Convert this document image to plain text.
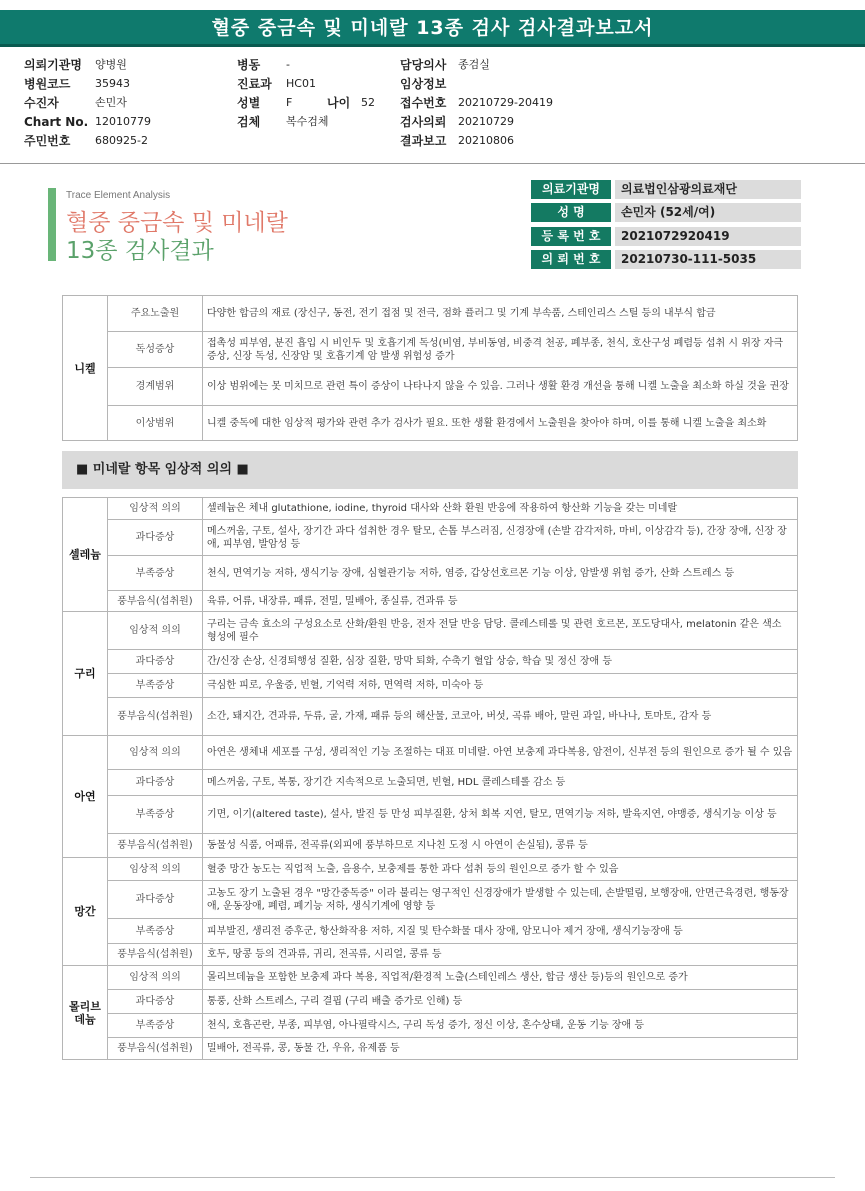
혈중 중금속 및 미네랄 13종 검사 검사결과보고서
의뢰기관명 양병원
병원코드 35943
수진자	손민자
Chart No. 12010779
주민번호 680925-2
병동 -
진료과 HC01
성별 F	나이 52
검체 복수검체
담당의사 종검실
임상정보
접수번호 20210729-20419
검사의뢰 20210729
결과보고 20210806
Trace Element Analysis
혈중 중금속 및 미네랄
13종 검사결과
의료기관명	의료법인삼광의료재단
성 명	손민자 (52세/여)
등 록 번 호	2021072920419
의 뢰 번 호	20210730-111-5035
니켈	주요노출원	다양한 합금의 재료 (장신구, 동전, 전기 접점 및 전극, 점화 플러그 및 기계 부속품, 스테인리스 스틸 등의 내부식 합금
	독성증상	접촉성 피부염, 분진 흡입 시 비인두 및 호흡기계 독성(비염, 부비동염, 비중격 천공, 폐부종, 천식, 호산구성 폐렴등 섭취 시 위장 자극 증상, 신장 독성, 신장암 및 호흡기계 암 발생 위험성 증가
	경계범위	이상 범위에는 못 미치므로 관련 특이 증상이 나타나지 않을 수 있음. 그러나 생활 환경 개선을 통해 니켈 노출을 최소화 하실 것을 권장
	이상범위	니켈 중독에 대한 임상적 평가와 관련 추가 검사가 필요. 또한 생활 환경에서 노출원을 찾아야 하며, 이를 통해 니켈 노출을 최소화
■ 미네랄 항목 임상적 의의 ■
셀레늄	임상적 의의	셀레늄은 체내 glutathione, iodine, thyroid 대사와 산화 환원 반응에 작용하여 항산화 기능을 갖는 미네랄
	과다증상	메스꺼움, 구토, 설사, 장기간 과다 섭취한 경우 탈모, 손톱 부스러짐, 신경장애 (손발 감각저하, 마비, 이상감각 등), 간장 장애, 신장 장애, 피부염, 발암성 등
	부족증상	천식, 면역기능 저하, 생식기능 장애, 심혈관기능 저하, 염증, 갑상선호르몬 기능 이상, 암발생 위험 증가, 산화 스트레스 등
	풍부음식(섭취원)	육류, 어류, 내장류, 패류, 전밀, 밀배아, 종실류, 견과류 등
구리	임상적 의의	구리는 금속 효소의 구성요소로 산화/환원 반응, 전자 전달 반응 담당. 콜레스테롤 및 관련 호르몬, 포도당대사, melatonin 같은 색소 형성에 필수
	과다증상	간/신장 손상, 신경퇴행성 질환, 심장 질환, 망막 퇴화, 수축기 혈압 상승, 학습 및 정신 장애 등
	부족증상	극심한 피로, 우울증, 빈혈, 기억력 저하, 면역력 저하, 미숙아 등
	풍부음식(섭취원)	소간, 돼지간, 견과류, 두류, 굴, 가재, 패류 등의 해산물, 코코아, 버섯, 곡류 배아, 말린 과일, 바나나, 토마토, 감자 등
아연	임상적 의의	아연은 생체내 세포를 구성, 생리적인 기능 조절하는 대표 미네랄. 아연 보충제 과다복용, 암전이, 신부전 등의 원인으로 증가 될 수 있음
	과다증상	메스꺼움, 구토, 복통, 장기간 지속적으로 노출되면, 빈혈, HDL 콜레스테롤 감소 등
	부족증상	기면, 이기(altered taste), 설사, 발진 등 만성 피부질환, 상처 회복 지연, 탈모, 면역기능 저하, 발육지연, 야맹증, 생식기능 이상 등
	풍부음식(섭취원)	동물성 식품, 어패류, 전곡류(외피에 풍부하므로 지나친 도정 시 아연이 손실됨), 콩류 등
망간	임상적 의의	혈중 망간 농도는 직업적 노출, 음용수, 보충제를 통한 과다 섭취 등의 원인으로 증가 할 수 있음
	과다증상	고농도 장기 노출된 경우 "망간중독증" 이라 불리는 영구적인 신경장애가 발생할 수 있는데, 손발떨림, 보행장애, 안면근육경련, 행동장애, 운동장애, 폐렴, 폐기능 저하, 생식기계에 영향 등
	부족증상	피부발진, 생리전 증후군, 항산화작용 저하, 지질 및 탄수화물 대사 장애, 암모니아 제거 장애, 생식기능장애 등
	풍부음식(섭취원)	호두, 땅콩 등의 견과류, 귀리, 전곡류, 시리얼, 콩류 등
몰리브데늄	임상적 의의	몰리브데늄을 포함한 보충제 과다 복용, 직업적/환경적 노출(스테인레스 생산, 합금 생산 등)등의 원인으로 증가
	과다증상	통풍, 산화 스트레스, 구리 결핍 (구리 배출 증가로 인해) 등
	부족증상	천식, 호흡곤란, 부종, 피부염, 아나필락시스, 구리 독성 증가, 정신 이상, 혼수상태, 운동 기능 장애 등
	풍부음식(섭취원)	밀배아, 전곡류, 콩, 동물 간, 우유, 유제품 등
